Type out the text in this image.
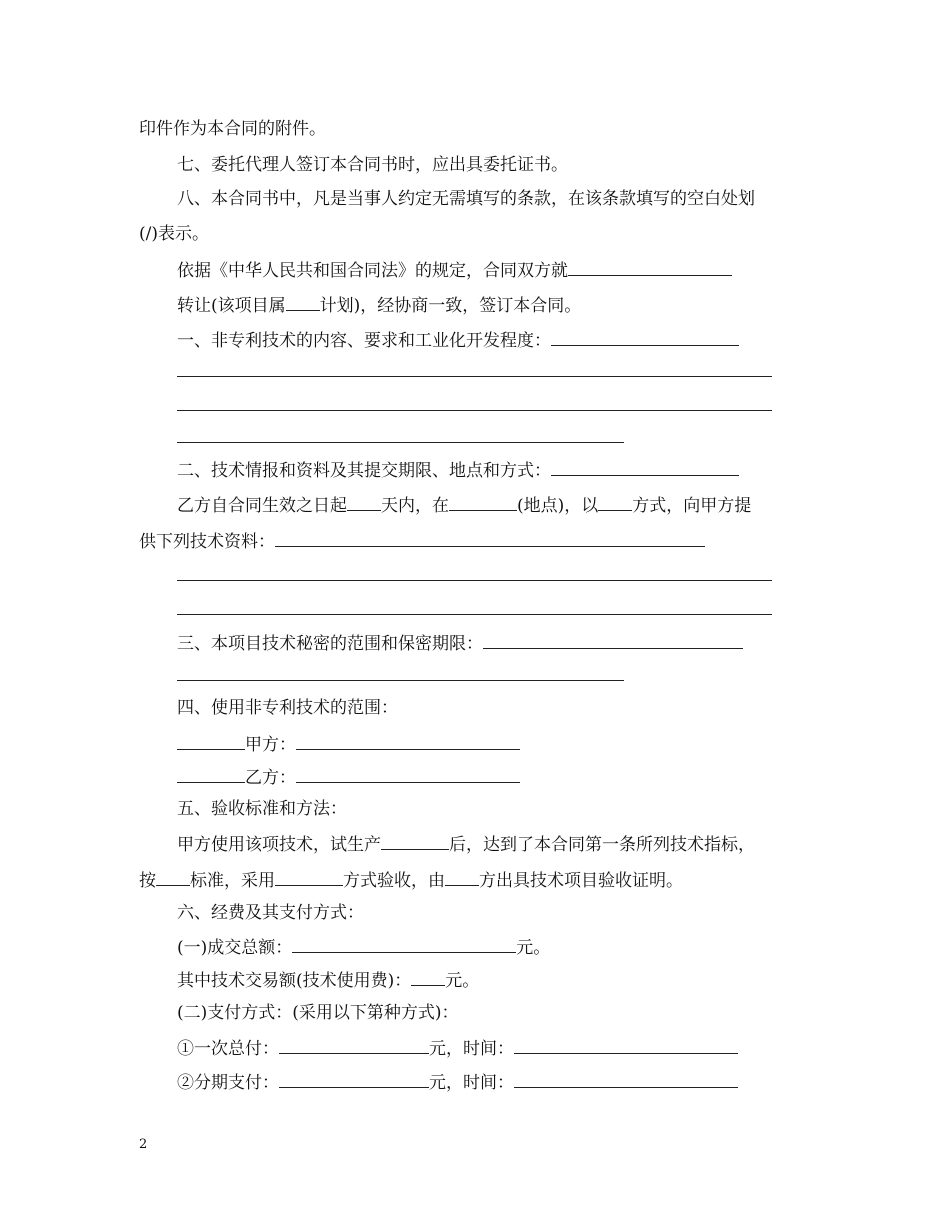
印件作为本合同的附件。
七、委托代理人签订本合同书时，应出具委托证书。
八、本合同书中，凡是当事人约定无需填写的条款，在该条款填写的空白处划
(/)表示。
依据《中华人民共和国合同法》的规定，合同双方就
转让(该项目属 计划)，经协商一致，签订本合同。
一、非专利技术的内容、要求和工业化开发程度：
二、技术情报和资料及其提交期限、地点和方式：
乙方自合同生效之日起 天内，在	(地点)，以 方式，向甲方提
供下列技术资料：
三、本项目技术秘密的范围和保密期限：
四、使用非专利技术的范围：
甲方：
乙方：
五、验收标准和方法：
甲方使用该项技术，试生产	后，达到了本合同第一条所列技术指标，
按 标准，采用	方式验收，由 方出具技术项目验收证明。
六、经费及其支付方式：
(一)成交总额：	元。
其中技术交易额(技术使用费)： 元。
(二)支付方式：(采用以下第种方式)：
①一次总付：	元，时间：
②分期支付：	元，时间：
2
